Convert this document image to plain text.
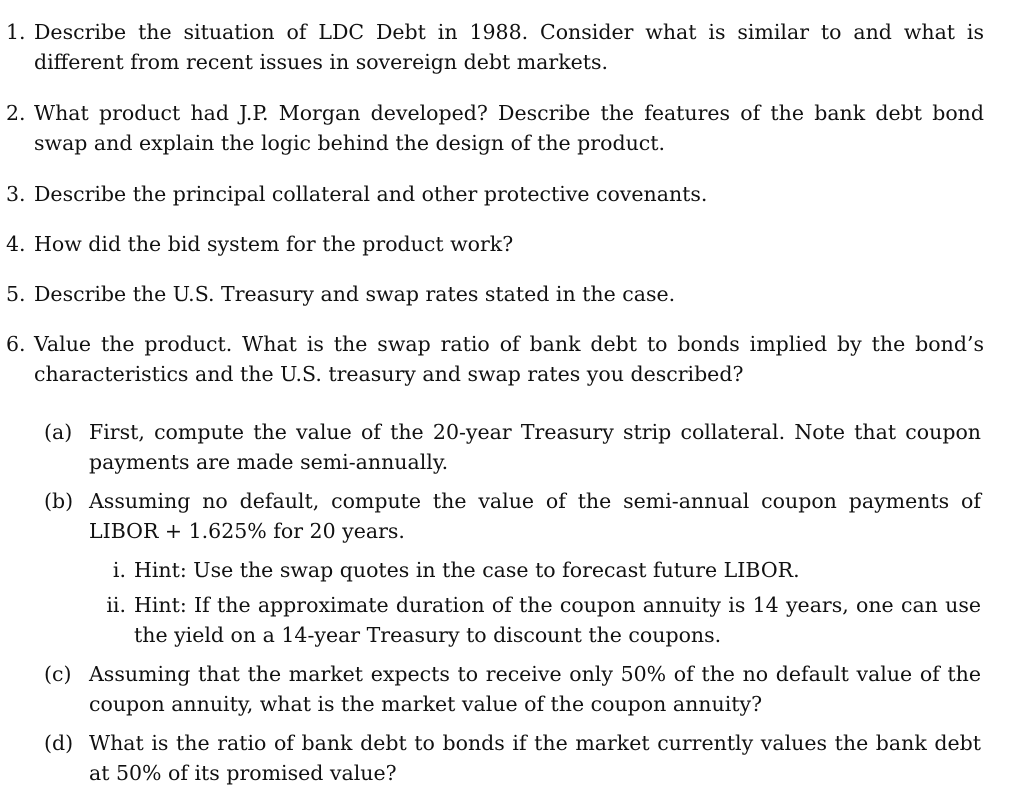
1. Describe the situation of LDC Debt in 1988. Consider what is similar to and what is different from recent issues in sovereign debt markets.
2. What product had J.P. Morgan developed? Describe the features of the bank debt bond swap and explain the logic behind the design of the product.
3. Describe the principal collateral and other protective covenants.
4. How did the bid system for the product work?
5. Describe the U.S. Treasury and swap rates stated in the case.
6. Value the product. What is the swap ratio of bank debt to bonds implied by the bond’s characteristics and the U.S. treasury and swap rates you described?
(a) First, compute the value of the 20-year Treasury strip collateral. Note that coupon payments are made semi-annually.
(b) Assuming no default, compute the value of the semi-annual coupon payments of LIBOR + 1.625% for 20 years.
i. Hint: Use the swap quotes in the case to forecast future LIBOR.
ii. Hint: If the approximate duration of the coupon annuity is 14 years, one can use the yield on a 14-year Treasury to discount the coupons.
(c) Assuming that the market expects to receive only 50% of the no default value of the coupon annuity, what is the market value of the coupon annuity?
(d) What is the ratio of bank debt to bonds if the market currently values the bank debt at 50% of its promised value?
